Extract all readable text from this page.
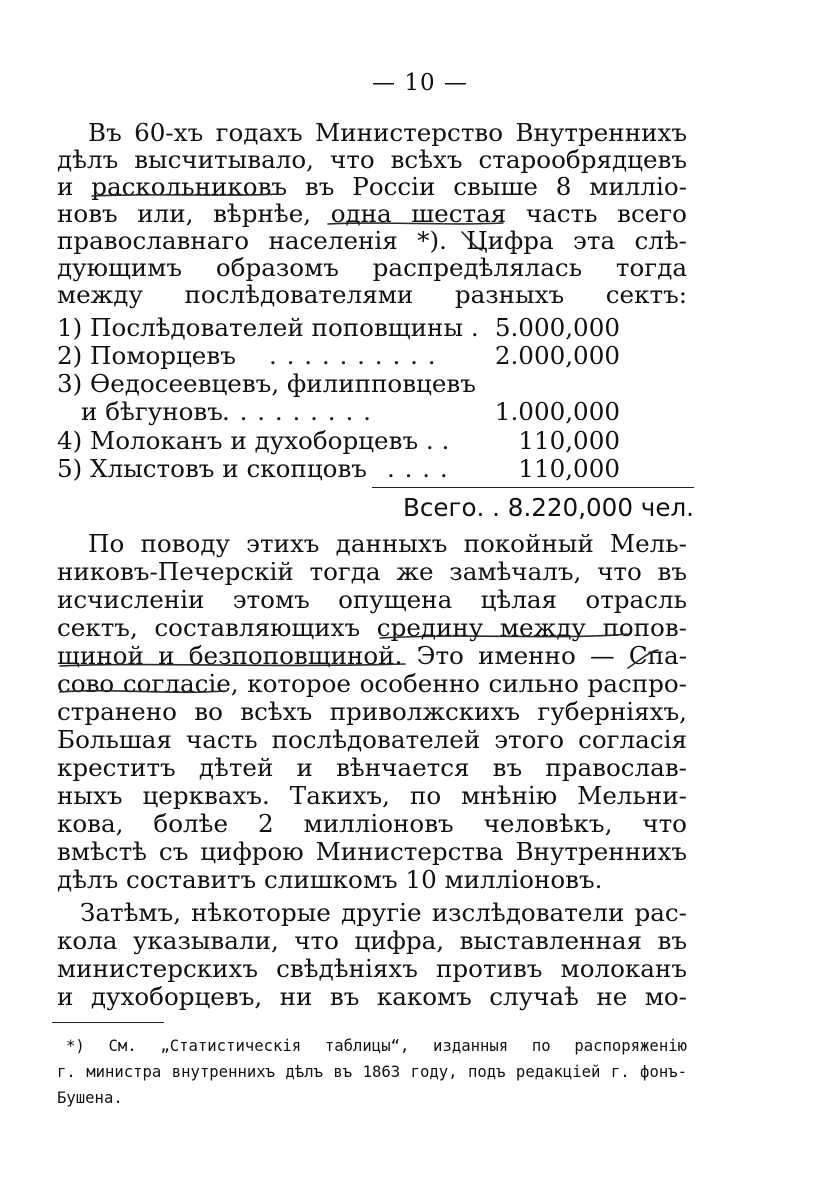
— 10 —
Въ 60-хъ годахъ Министерство Внутреннихъ
дѣлъ высчитывало, что всѣхъ старообрядцевъ
и раскольниковъ въ Россіи свыше 8 милліо-
новъ или, вѣрнѣе, одна шестая часть всего
православнаго населенія *). Цифра эта слѣ-
дующимъ образомъ распредѣлялась тогда
между послѣдователями разныхъ сектъ:
1) Послѣдователей поповщины . 5.000,000
2) Поморцевъ . . . . . . . . . . 2.000,000
3) Ѳедосеевцевъ, филипповцевъ
и бѣгуновъ . . . . . . . . .	1.000,000
4) Молоканъ и духоборцевъ . .	110,000
5) Хлыстовъ и скопцовъ . . . .	110,000
Всего. . 8.220,000 чел.
По поводу этихъ данныхъ покойный Мель-
никовъ-Печерскій тогда же замѣчалъ, что въ
исчисленіи этомъ опущена цѣлая отрасль
сектъ, составляющихъ средину между попов-
щиной и безпоповщиной. Это именно — Спа-
сово согласіе, которое особенно сильно распро-
странено во всѣхъ приволжскихъ губерніяхъ,
Большая часть послѣдователей этого согласія
креститъ дѣтей и вѣнчается въ православ-
ныхъ церквахъ. Такихъ, по мнѣнію Мельни-
кова, болѣе 2 милліоновъ человѣкъ, что
вмѣстѣ съ цифрою Министерства Внутреннихъ
дѣлъ составитъ слишкомъ 10 милліоновъ.
Затѣмъ, нѣкоторые другіе изслѣдователи рас-
кола указывали, что цифра, выставленная въ
министерскихъ свѣдѣніяхъ противъ молоканъ
и духоборцевъ, ни въ какомъ случаѣ не мо-
*) См. „Статистическія таблицы“, изданныя по распоряженію
г. министра внутреннихъ дѣлъ въ 1863 году, подъ редакціей г. фонъ-
Бушена.
